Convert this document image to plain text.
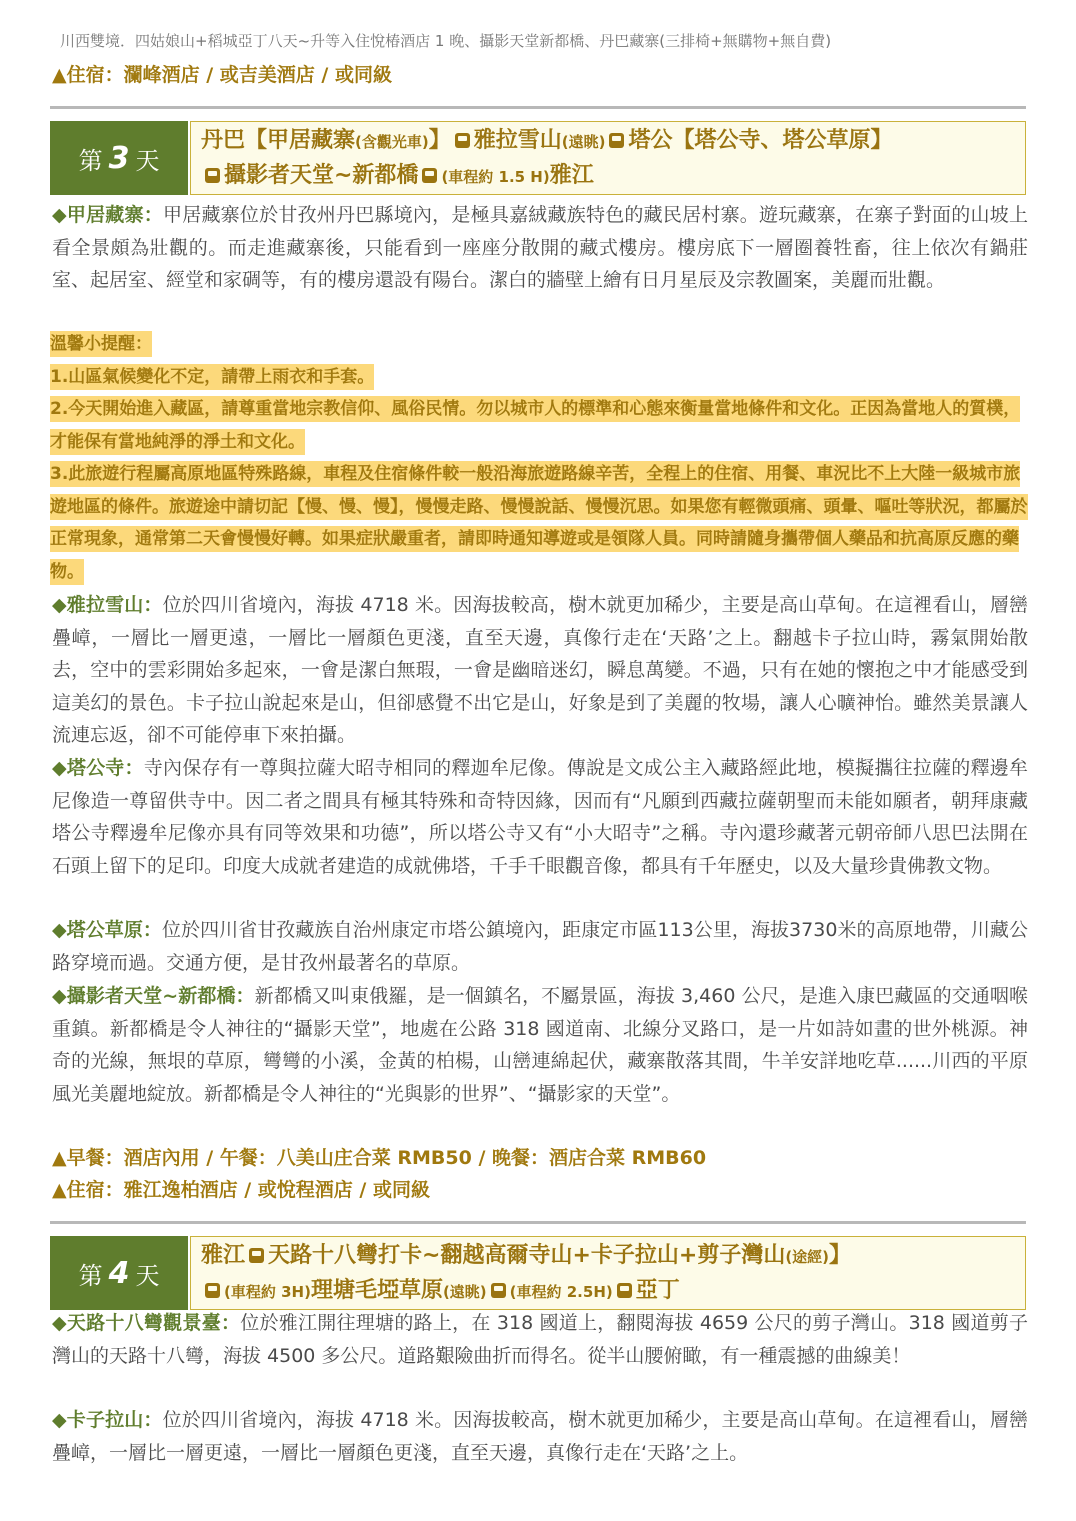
川西雙境．四姑娘山+稻城亞丁八天~升等入住悅椿酒店 1 晚、攝影天堂新都橋、丹巴藏寨(三排椅+無購物+無自費)
▲住宿：瀾峰酒店 / 或吉美酒店 / 或同級
第 3 天
丹巴【甲居藏寨(含觀光車)】 雅拉雪山(遠眺) 塔公【塔公寺、塔公草原】
攝影者天堂~新都橋 (車程約 1.5 H)雅江
◆甲居藏寨：甲居藏寨位於甘孜州丹巴縣境內，是極具嘉絨藏族特色的藏民居村寨。遊玩藏寨，在寨子對面的山坡上看全景頗為壯觀的。而走進藏寨後，只能看到一座座分散開的藏式樓房。樓房底下一層圈養牲畜，往上依次有鍋莊室、起居室、經堂和家碉等，有的樓房還設有陽台。潔白的牆壁上繪有日月星辰及宗教圖案，美麗而壯觀。
溫馨小提醒：
1.山區氣候變化不定，請帶上雨衣和手套。
2.今天開始進入藏區，請尊重當地宗教信仰、風俗民情。勿以城市人的標準和心態來衡量當地條件和文化。正因為當地人的質樸，才能保有當地純淨的淨土和文化。
3.此旅遊行程屬高原地區特殊路線，車程及住宿條件較一般沿海旅遊路線辛苦，全程上的住宿、用餐、車況比不上大陸一級城市旅遊地區的條件。旅遊途中請切記【慢、慢、慢】，慢慢走路、慢慢說話、慢慢沉思。如果您有輕微頭痛、頭暈、嘔吐等狀況，都屬於正常現象，通常第二天會慢慢好轉。如果症狀嚴重者，請即時通知導遊或是領隊人員。同時請隨身攜帶個人藥品和抗高原反應的藥物。
◆雅拉雪山：位於四川省境內，海拔 4718 米。因海拔較高，樹木就更加稀少，主要是高山草甸。在這裡看山，層巒疊嶂，一層比一層更遠，一層比一層顏色更淺，直至天邊，真像行走在‘天路’之上。翻越卡子拉山時，霧氣開始散去，空中的雲彩開始多起來，一會是潔白無瑕，一會是幽暗迷幻，瞬息萬變。不過，只有在她的懷抱之中才能感受到這美幻的景色。卡子拉山說起來是山，但卻感覺不出它是山，好象是到了美麗的牧場，讓人心曠神怡。雖然美景讓人流連忘返，卻不可能停車下來拍攝。
◆塔公寺：寺內保存有一尊與拉薩大昭寺相同的釋迦牟尼像。傳說是文成公主入藏路經此地，模擬攜往拉薩的釋邊牟尼像造一尊留供寺中。因二者之間具有極其特殊和奇特因緣，因而有“凡願到西藏拉薩朝聖而未能如願者，朝拜康藏塔公寺釋邊牟尼像亦具有同等效果和功德”，所以塔公寺又有“小大昭寺”之稱。寺內還珍藏著元朝帝師八思巴法開在石頭上留下的足印。印度大成就者建造的成就佛塔，千手千眼觀音像，都具有千年歷史，以及大量珍貴佛教文物。
◆塔公草原：位於四川省甘孜藏族自治州康定市塔公鎮境內，距康定市區113公里，海拔3730米的高原地帶，川藏公路穿境而過。交通方便，是甘孜州最著名的草原。
◆攝影者天堂~新都橋：新都橋又叫東俄羅，是一個鎮名，不屬景區，海拔 3,460 公尺，是進入康巴藏區的交通咽喉重鎮。新都橋是令人神往的“攝影天堂”，地處在公路 318 國道南、北線分叉路口，是一片如詩如畫的世外桃源。神奇的光線，無垠的草原，彎彎的小溪，金黃的柏楊，山巒連綿起伏，藏寨散落其間，牛羊安詳地吃草......川西的平原風光美麗地綻放。新都橋是令人神往的“光與影的世界”、“攝影家的天堂”。
▲早餐：酒店內用 / 午餐：八美山庄合菜 RMB50 / 晚餐：酒店合菜 RMB60
▲住宿：雅江逸柏酒店 / 或悅程酒店 / 或同級
第 4 天
雅江 天路十八彎打卡~翻越高爾寺山+卡子拉山+剪子灣山(途經)】
(車程約 3H)理塘毛埡草原(遠眺) (車程約 2.5H) 亞丁
◆天路十八彎觀景臺：位於雅江開往理塘的路上，在 318 國道上，翻閱海拔 4659 公尺的剪子灣山。318 國道剪子灣山的天路十八彎，海拔 4500 多公尺。道路艱險曲折而得名。從半山腰俯瞰，有一種震撼的曲線美！
◆卡子拉山：位於四川省境內，海拔 4718 米。因海拔較高，樹木就更加稀少，主要是高山草甸。在這裡看山，層巒疊嶂，一層比一層更遠，一層比一層顏色更淺，直至天邊，真像行走在‘天路’之上。
